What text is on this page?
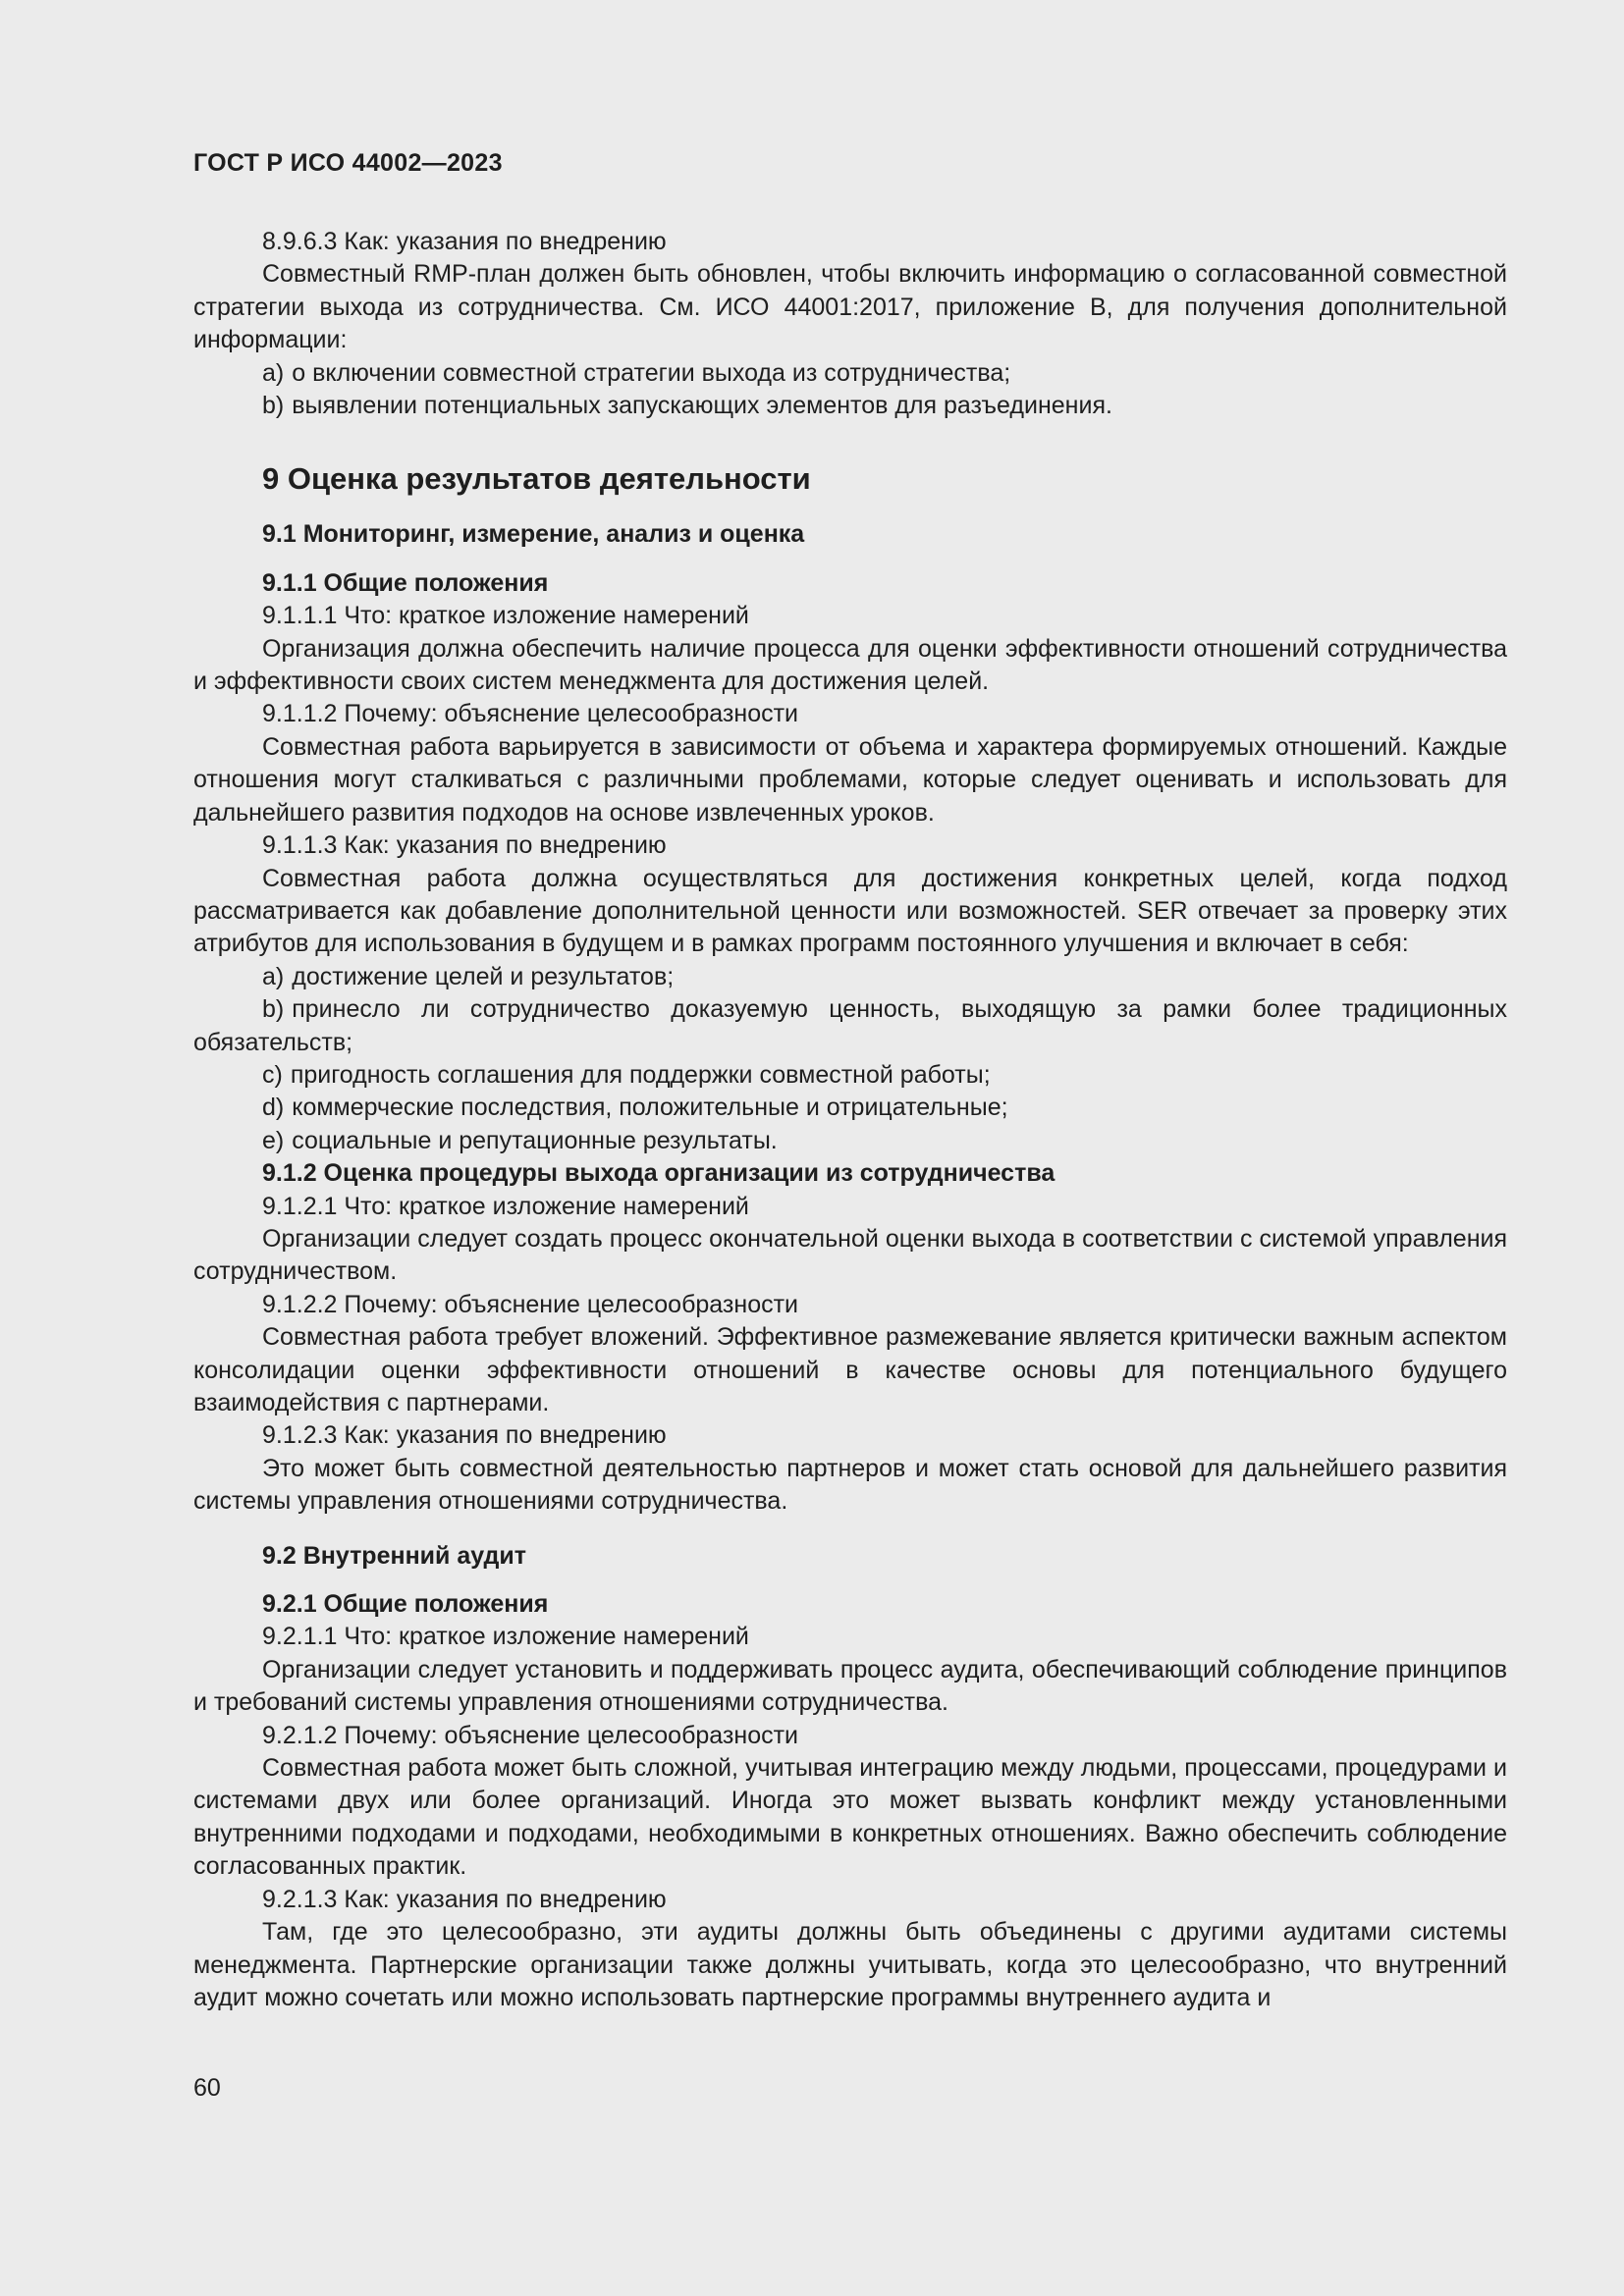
ГОСТ Р ИСО 44002—2023

8.9.6.3 Как: указания по внедрению

Совместный RMP-план должен быть обновлен, чтобы включить информацию о согласованной совместной стратегии выхода из сотрудничества. См. ИСО 44001:2017, приложение B, для получения дополнительной информации:

a) о включении совместной стратегии выхода из сотрудничества;

b) выявлении потенциальных запускающих элементов для разъединения.

9 Оценка результатов деятельности
9.1 Мониторинг, измерение, анализ и оценка
9.1.1 Общие положения

9.1.1.1 Что: краткое изложение намерений

Организация должна обеспечить наличие процесса для оценки эффективности отношений сотрудничества и эффективности своих систем менеджмента для достижения целей.

9.1.1.2 Почему: объяснение целесообразности

Совместная работа варьируется в зависимости от объема и характера формируемых отношений. Каждые отношения могут сталкиваться с различными проблемами, которые следует оценивать и использовать для дальнейшего развития подходов на основе извлеченных уроков.

9.1.1.3 Как: указания по внедрению

Совместная работа должна осуществляться для достижения конкретных целей, когда подход рассматривается как добавление дополнительной ценности или возможностей. SER отвечает за проверку этих атрибутов для использования в будущем и в рамках программ постоянного улучшения и включает в себя:

a) достижение целей и результатов;

b) принесло ли сотрудничество доказуемую ценность, выходящую за рамки более традиционных обязательств;

c) пригодность соглашения для поддержки совместной работы;

d) коммерческие последствия, положительные и отрицательные;

e) социальные и репутационные результаты.

9.1.2 Оценка процедуры выхода организации из сотрудничества

9.1.2.1 Что: краткое изложение намерений

Организации следует создать процесс окончательной оценки выхода в соответствии с системой управления сотрудничеством.

9.1.2.2 Почему: объяснение целесообразности

Совместная работа требует вложений. Эффективное размежевание является критически важным аспектом консолидации оценки эффективности отношений в качестве основы для потенциального будущего взаимодействия с партнерами.

9.1.2.3 Как: указания по внедрению

Это может быть совместной деятельностью партнеров и может стать основой для дальнейшего развития системы управления отношениями сотрудничества.

9.2 Внутренний аудит
9.2.1 Общие положения

9.2.1.1 Что: краткое изложение намерений

Организации следует установить и поддерживать процесс аудита, обеспечивающий соблюдение принципов и требований системы управления отношениями сотрудничества.

9.2.1.2 Почему: объяснение целесообразности

Совместная работа может быть сложной, учитывая интеграцию между людьми, процессами, процедурами и системами двух или более организаций. Иногда это может вызвать конфликт между установленными внутренними подходами и подходами, необходимыми в конкретных отношениях. Важно обеспечить соблюдение согласованных практик.

9.2.1.3 Как: указания по внедрению

Там, где это целесообразно, эти аудиты должны быть объединены с другими аудитами системы менеджмента. Партнерские организации также должны учитывать, когда это целесообразно, что внутренний аудит можно сочетать или можно использовать партнерские программы внутреннего аудита и

60
